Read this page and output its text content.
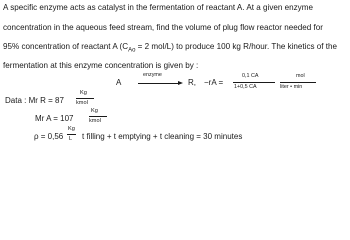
A specific enzyme acts as catalyst in the fermentation of reactant A. At a given enzyme
concentration in the aqueous feed stream, find the volume of plug flow reactor needed for
95% concentration of reactant A ($C_{Ao} = 2$ mol/L) to produce 100 kg R/hour. The kinetics of the
fermentation at this enzyme concentration is given by :
A
enzyme
R, −rA =
0,1 CA
1+0,5 CA
mol
liter • min
Data : Mr R = 87
Kg
kmol
Mr A = 107
Kg
kmol
ρ = 0,56
Kg
L t filling + t emptying + t cleaning = 30 minutes
